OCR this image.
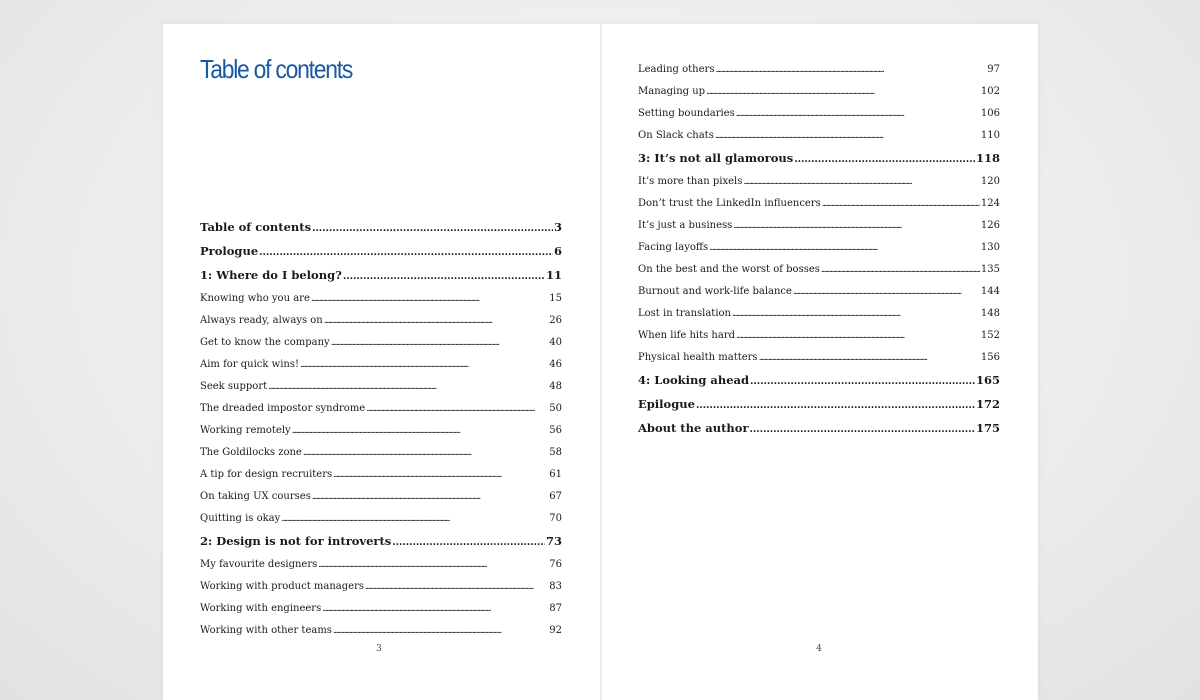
Table of contents
Table of contents . . .	3
Prologue . . .	6
1: Where do I belong? . . .	11
Knowing who you are . . .	15
Always ready, always on . . .	26
Get to know the company . . .	40
Aim for quick wins! . . .	46
Seek support . . .	48
The dreaded impostor syndrome . . .	50
Working remotely . . .	56
The Goldilocks zone . . .	58
A tip for design recruiters . . .	61
On taking UX courses . . .	67
Quitting is okay . . .	70
2: Design is not for introverts . . .	73
My favourite designers . . .	76
Working with product managers . . .	83
Working with engineers . . .	87
Working with other teams . . .	92
3
Leading others . . .	97
Managing up . . .	102
Setting boundaries . . .	106
On Slack chats . . .	110
3: It’s not all glamorous . . .	118
It’s more than pixels . . .	120
Don’t trust the LinkedIn influencers . . .	124
It’s just a business . . .	126
Facing layoffs . . .	130
On the best and the worst of bosses . . .	135
Burnout and work-life balance . . .	144
Lost in translation . . .	148
When life hits hard . . .	152
Physical health matters . . .	156
4: Looking ahead . . .	165
Epilogue . . .	172
About the author . . .	175
4
